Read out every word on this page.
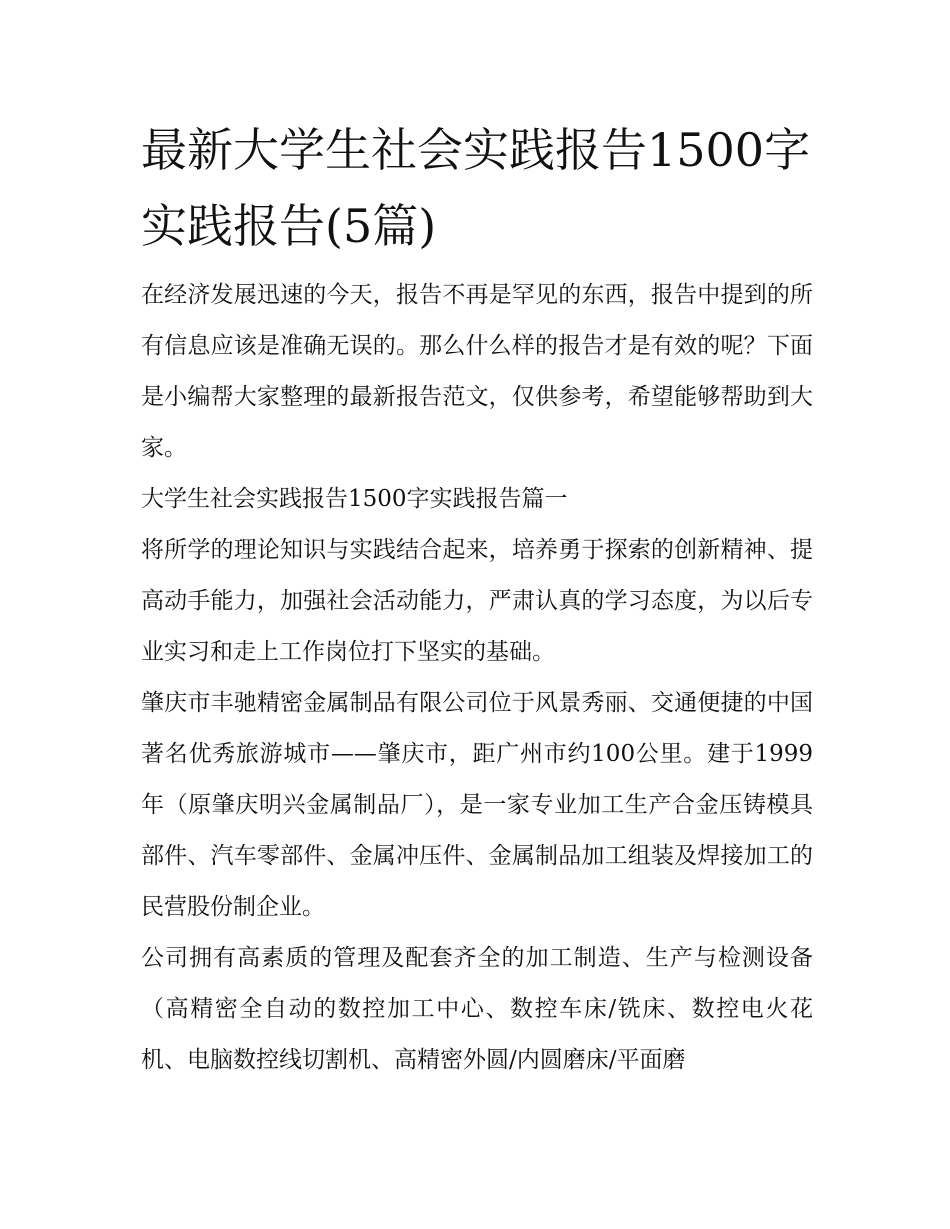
最新大学生社会实践报告1500字实践报告(5篇)

在经济发展迅速的今天，报告不再是罕见的东西，报告中提到的所有信息应该是准确无误的。那么什么样的报告才是有效的呢？下面是小编帮大家整理的最新报告范文，仅供参考，希望能够帮助到大家。

大学生社会实践报告1500字实践报告篇一

将所学的理论知识与实践结合起来，培养勇于探索的创新精神、提高动手能力，加强社会活动能力，严肃认真的学习态度，为以后专业实习和走上工作岗位打下坚实的基础。

肇庆市丰驰精密金属制品有限公司位于风景秀丽、交通便捷的中国著名优秀旅游城市——肇庆市，距广州市约100公里。建于1999年（原肇庆明兴金属制品厂），是一家专业加工生产合金压铸模具部件、汽车零部件、金属冲压件、金属制品加工组装及焊接加工的民营股份制企业。

公司拥有高素质的管理及配套齐全的加工制造、生产与检测设备（高精密全自动的数控加工中心、数控车床/铣床、数控电火花机、电脑数控线切割机、高精密外圆/内圆磨床/平面磨
